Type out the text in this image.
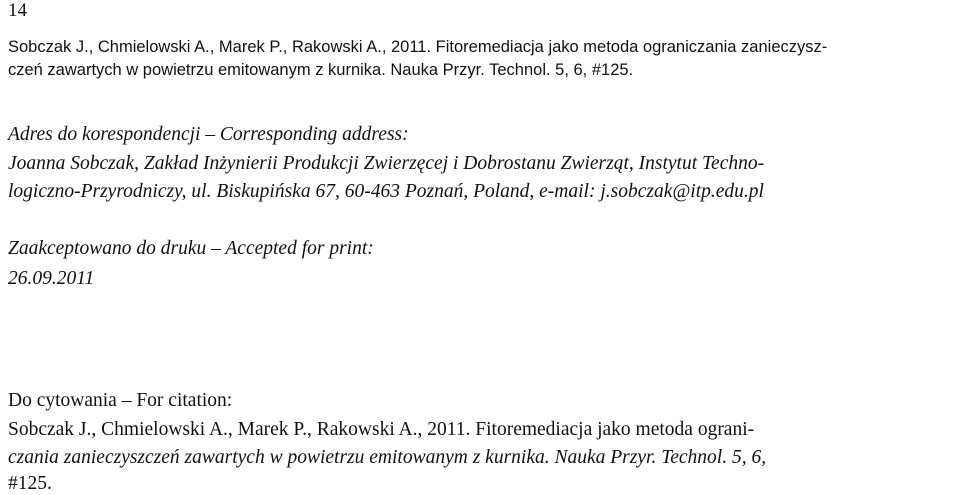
14
Sobczak J., Chmielowski A., Marek P., Rakowski A., 2011. Fitoremediacja jako metoda ograniczania zanieczysz-
czeń zawartych w powietrzu emitowanym z kurnika. Nauka Przyr. Technol. 5, 6, #125.
Adres do korespondencji – Corresponding address:
Joanna Sobczak, Zakład Inżynierii Produkcji Zwierzęcej i Dobrostanu Zwierząt, Instytut Techno-
logiczno-Przyrodniczy, ul. Biskupińska 67, 60-463 Poznań, Poland, e-mail: j.sobczak@itp.edu.pl
Zaakceptowano do druku – Accepted for print:
26.09.2011
Do cytowania – For citation:
Sobczak J., Chmielowski A., Marek P., Rakowski A., 2011. Fitoremediacja jako metoda ograni-
czania zanieczyszczeń zawartych w powietrzu emitowanym z kurnika. Nauka Przyr. Technol. 5, 6,
#125.
